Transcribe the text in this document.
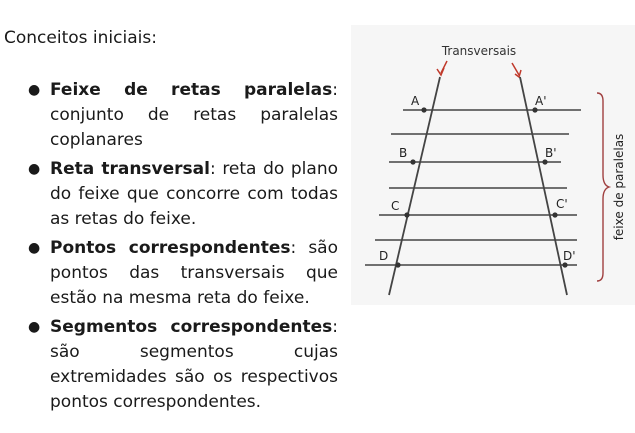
Conceitos iniciais:
● Feixe de retas paralelas: conjunto de retas paralelas coplanares
● Reta transversal: reta do plano do feixe que concorre com todas as retas do feixe.
● Pontos correspondentes: são pontos das transversais que estão na mesma reta do feixe.
● Segmentos correspondentes: são segmentos cujas extremidades são os respectivos pontos correspondentes.
Transversais
A
B
C
D
A'
B'
C'
D'
feixe de paralelas
